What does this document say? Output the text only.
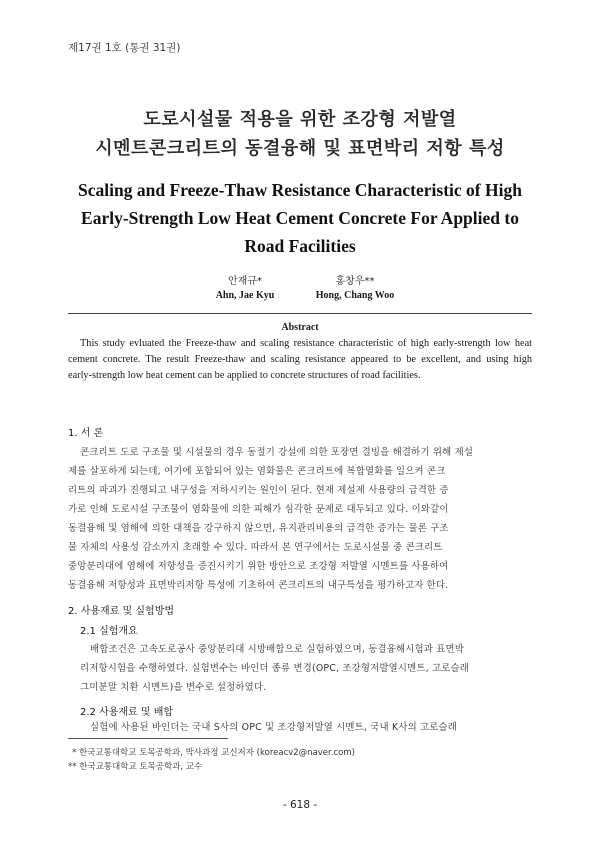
제17권 1호 (통권 31권)
도로시설물 적용을 위한 조강형 저발열
시멘트콘크리트의 동결융해 및 표면박리 저항 특성
Scaling and Freeze-Thaw Resistance Characteristic of High
Early-Strength Low Heat Cement Concrete For Applied to
Road Facilities
안재규*	홍창우**
Ahn, Jae Kyu	Hong, Chang Woo
Abstract
This study evluated the Freeze-thaw and scaling resistance characteristic of high early-strength low heat
cement concrete. The result Freeze-thaw and scaling resistance appeared to be excellent, and using high
early-strength low heat cement can be applied to concrete structures of road facilities.
1. 서 론
콘크리트 도로 구조물 및 시설물의 경우 동절기 강설에 의한 포장면 결빙을 해결하기 위해 제설
제를 살포하게 되는데, 여기에 포함되어 있는 염화물은 콘크리트에 복합열화를 일으켜 콘크
리트의 파괴가 진행되고 내구성을 저하시키는 원인이 된다. 현재 제설제 사용량의 급격한 증
가로 인해 도로시설 구조물이 염화물에 의한 피해가 심각한 문제로 대두되고 있다. 이와같이
동결융해 및 염해에 의한 대책을 강구하지 않으면, 유지관리비용의 급격한 증가는 물론 구조
물 자체의 사용성 감소까지 초래할 수 있다. 따라서 본 연구에서는 도로시설물 중 콘크리트
중앙분리대에 염해에 저항성을 증진시키기 위한 방안으로 조강형 저발열 시멘트를 사용하여
동결융해 저항성과 표면박리저항 특성에 기초하여 콘크리트의 내구특성을 평가하고자 한다.
2. 사용재료 및 실험방법
2.1 실험개요
배합조건은 고속도로공사 중앙분리대 시방배합으로 실험하였으며, 동결융해시험과 표면박
리저항시험을 수행하였다. 실험변수는 바인더 종류 변경(OPC, 조강형저발열시멘트, 고로슬래
그미분말 치환 시멘트)을 변수로 설정하였다.
2.2 사용재료 및 배합
실험에 사용된 바인더는 국내 S사의 OPC 및 조강형저발열 시멘트, 국내 K사의 고로슬래
* 한국교통대학교 토목공학과, 박사과정 교신저자 (koreacv2@naver.com)
** 한국교통대학교 토목공학과, 교수
- 618 -
